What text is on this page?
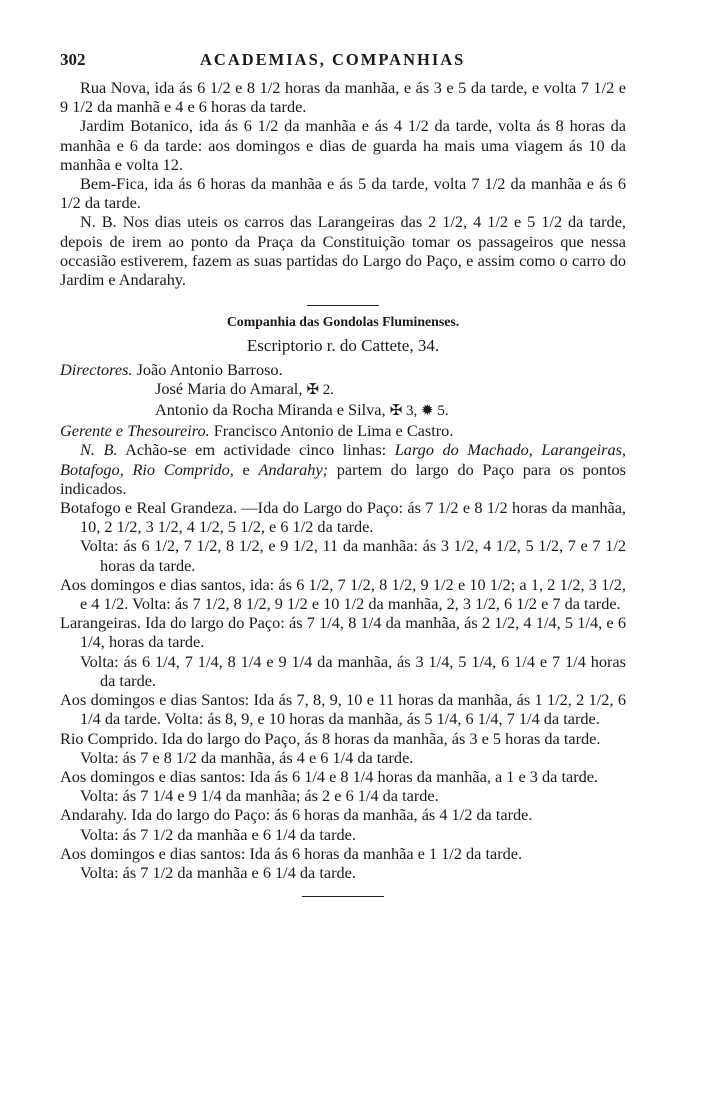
302	ACADEMIAS, COMPANHIAS

Rua Nova, ida ás 6 1/2 e 8 1/2 horas da manhãa, e ás 3 e 5 da tarde, e volta 7 1/2 e 9 1/2 da manhã e 4 e 6 horas da tarde.

Jardim Botanico, ida ás 6 1/2 da manhãa e ás 4 1/2 da tarde, volta ás 8 horas da manhãa e 6 da tarde: aos domingos e dias de guarda ha mais uma viagem ás 10 da manhãa e volta 12.

Bem-Fica, ida ás 6 horas da manhãa e ás 5 da tarde, volta 7 1/2 da manhãa e ás 6 1/2 da tarde.

N. B. Nos dias uteis os carros das Larangeiras das 2 1/2, 4 1/2 e 5 1/2 da tarde, depois de irem ao ponto da Praça da Constituição tomar os passageiros que nessa occasião estiverem, fazem as suas partidas do Largo do Paço, e assim como o carro do Jardim e Andarahy.

Companhia das Gondolas Fluminenses.

Escriptorio r. do Cattete, 34.

Directores. João Antonio Barroso.

José Maria do Amaral, ✠ 2.

Antonio da Rocha Miranda e Silva, ✠ 3, ✹ 5.

Gerente e Thesoureiro. Francisco Antonio de Lima e Castro.

N. B. Achão-se em actividade cinco linhas: Largo do Machado, Larangeiras, Botafogo, Rio Comprido, e Andarahy; partem do largo do Paço para os pontos indicados.

Botafogo e Real Grandeza. —Ida do Largo do Paço: ás 7 1/2 e 8 1/2 horas da manhãa, 10, 2 1/2, 3 1/2, 4 1/2, 5 1/2, e 6 1/2 da tarde.

Volta: ás 6 1/2, 7 1/2, 8 1/2, e 9 1/2, 11 da manhãa: ás 3 1/2, 4 1/2, 5 1/2, 7 e 7 1/2 horas da tarde.

Aos domingos e dias santos, ida: ás 6 1/2, 7 1/2, 8 1/2, 9 1/2 e 10 1/2; a 1, 2 1/2, 3 1/2, e 4 1/2. Volta: ás 7 1/2, 8 1/2, 9 1/2 e 10 1/2 da manhãa, 2, 3 1/2, 6 1/2 e 7 da tarde.

Larangeiras. Ida do largo do Paço: ás 7 1/4, 8 1/4 da manhãa, ás 2 1/2, 4 1/4, 5 1/4, e 6 1/4, horas da tarde.

Volta: ás 6 1/4, 7 1/4, 8 1/4 e 9 1/4 da manhãa, ás 3 1/4, 5 1/4, 6 1/4 e 7 1/4 horas da tarde.

Aos domingos e dias Santos: Ida ás 7, 8, 9, 10 e 11 horas da manhãa, ás 1 1/2, 2 1/2, 6 1/4 da tarde. Volta: ás 8, 9, e 10 horas da manhãa, ás 5 1/4, 6 1/4, 7 1/4 da tarde.

Rio Comprido. Ida do largo do Paço, ás 8 horas da manhãa, ás 3 e 5 horas da tarde.

Volta: ás 7 e 8 1/2 da manhãa, ás 4 e 6 1/4 da tarde.

Aos domingos e dias santos: Ida ás 6 1/4 e 8 1/4 horas da manhãa, a 1 e 3 da tarde.

Volta: ás 7 1/4 e 9 1/4 da manhãa; ás 2 e 6 1/4 da tarde.

Andarahy. Ida do largo do Paço: ás 6 horas da manhãa, ás 4 1/2 da tarde.

Volta: ás 7 1/2 da manhãa e 6 1/4 da tarde.

Aos domingos e dias santos: Ida ás 6 horas da manhãa e 1 1/2 da tarde.

Volta: ás 7 1/2 da manhãa e 6 1/4 da tarde.
